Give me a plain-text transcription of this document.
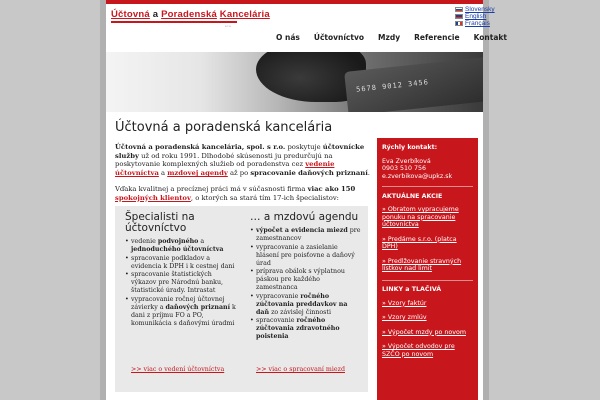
Účtovná a Poradenská Kancelária
s.r.o.
Slovensky
English
Français
O nás Účtovníctvo Mzdy Referencie Kontakt
5678 9012 3456
Účtovná a poradenská kancelária

Účtovná a poradenská kancelária, spol. s r.o. poskytuje účtovnícke služby už od roku 1991. Dlhodobé skúsenosti ju predurčujú na poskytovanie komplexných služieb od poradenstva cez vedenie účtovníctva a mzdovej agendy až po spracovanie daňových priznaní.

Vďaka kvalitnej a precíznej práci má v súčasnosti firma viac ako 150 spokojných klientov, o ktorých sa stará tím 17-ich špecialistov:

Špecialisti na účtovníctvo
• vedenie podvojného a jednoduchého účtovníctva
• spracovanie podkladov a evidencia k DPH i k cestnej dani
• spracovanie štatistických výkazov pre Národnú banku, štatistické úrady. Intrastat
• vypracovanie ročnej účtovnej závierky a daňových priznaní k dani z príjmu FO a PO, komunikácia s daňovými úradmi
… a mzdovú agendu
• výpočet a evidencia miezd pre zamestnancov
• vypracovanie a zasielanie hlásení pre poisťovne a daňový úrad
• príprava obálok s výplatnou páskou pre každého zamestnanca
• vypracovanie ročného zúčtovania preddavkov na daň zo závislej činnosti
• spracovanie ročného zúčtovania zdravotného poistenia
>> viac o vedení účtovníctva	>> viac o spracovaní miezd
Rýchly kontakt:
Eva Zverbíková
0903 510 756
e.zverbikova@upkz.sk
AKTUÁLNE AKCIE
» Obratom vypracujeme ponuku na spracovanie účtovníctva
» Predáme s.r.o. (platca DPH)
» Predlžovanie stravných lístkov nad limit
LINKY a TLAČIVÁ
» Vzory faktúr
» Vzory zmlúv
» Výpočet mzdy po novom
» Výpočet odvodov pre SZČO po novom
